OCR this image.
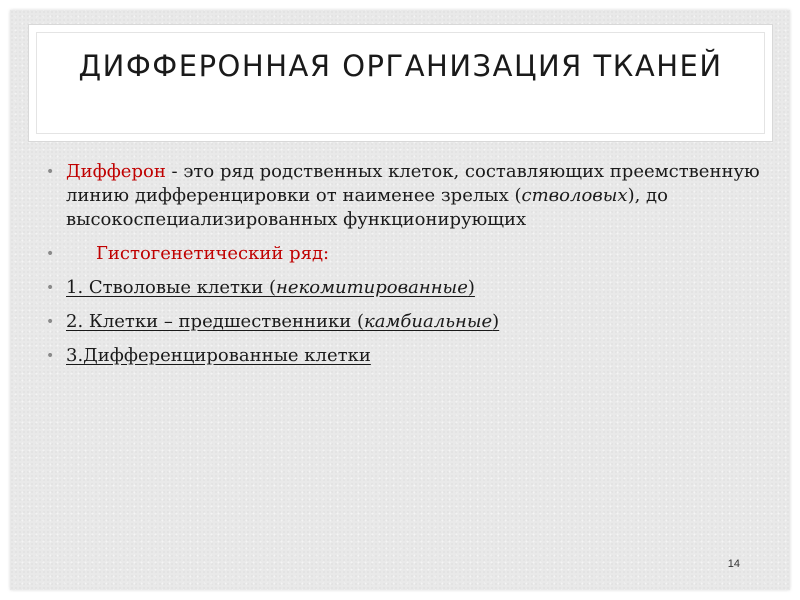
ДИФФЕРОННАЯ ОРГАНИЗАЦИЯ ТКАНЕЙ
• Дифферон - это ряд родственных клеток, составляющих преемственную линию дифференцировки от наименее зрелых (стволовых), до высокоспециализированных функционирующих
• Гистогенетический ряд:
• 1. Стволовые клетки (некомитированные)
• 2. Клетки – предшественники (камбиальные)
• 3.Дифференцированные клетки
14
